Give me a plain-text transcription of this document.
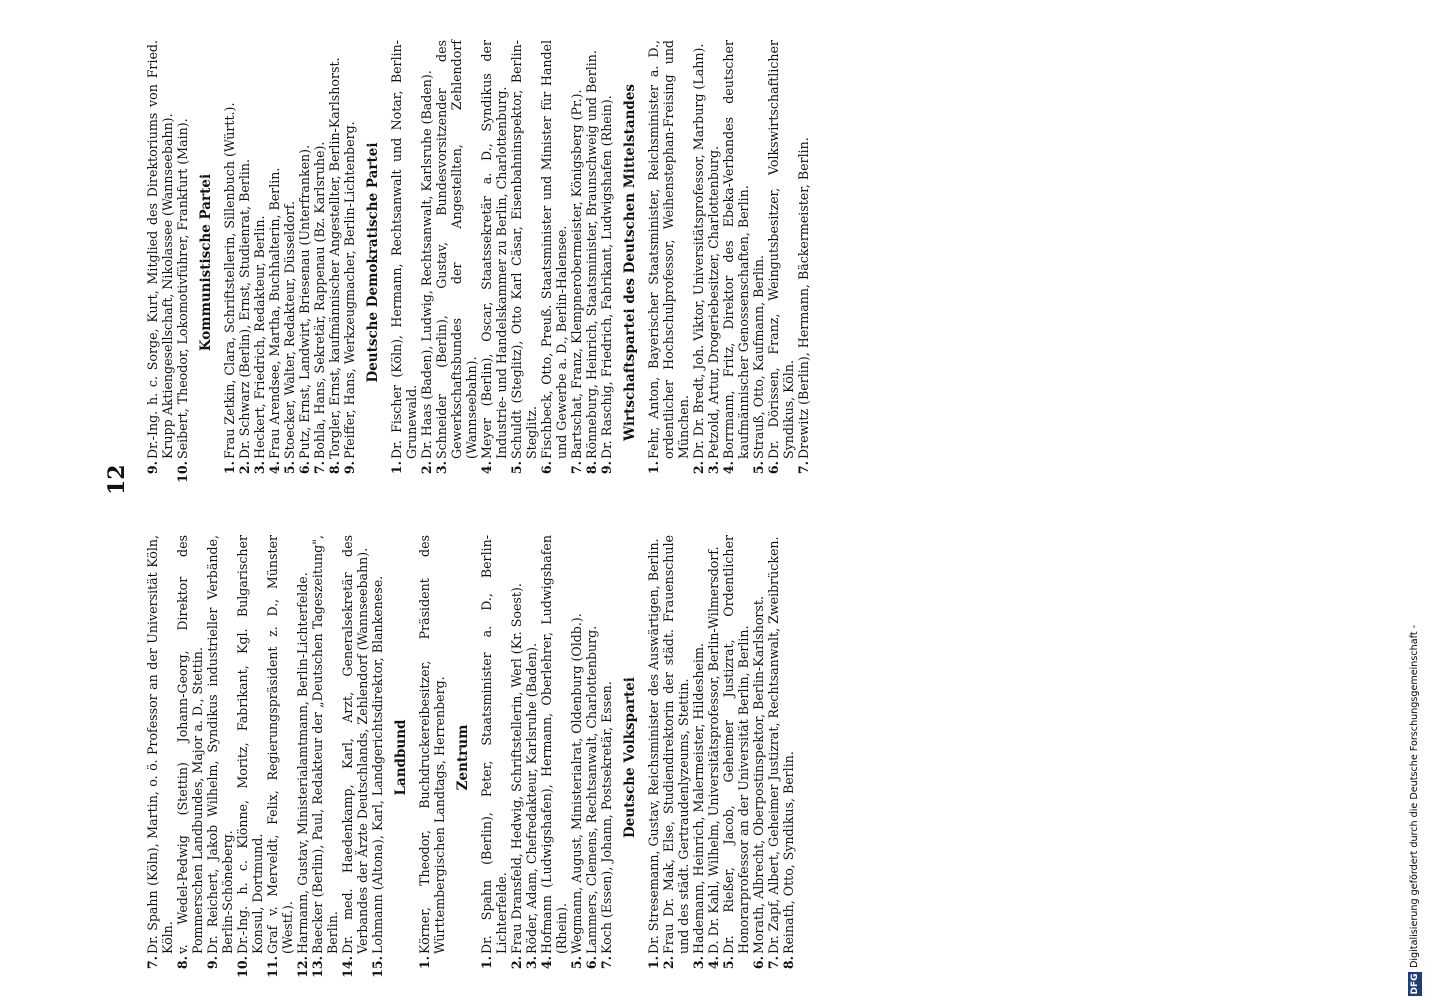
12

7.
Dr. Spahn (Köln), Martin, o. ö. Professor an der Universität Köln, Köln.

8.
v. Wedel-Pedwig (Stettin) Johann-Georg, Direktor des Pommerschen Landbundes, Major a. D., Stettin.

9.
Dr. Reichert, Jakob Wilhelm, Syndikus industrieller Verbände, Berlin-Schöneberg.

10.
Dr.-Ing. h. c. Klönne, Moritz, Fabrikant, Kgl. Bulgarischer Konsul, Dortmund.

11.
Graf v. Merveldt, Felix, Regierungspräsident z. D., Münster (Westf.).

12.
Harmann, Gustav, Ministerialamtmann, Berlin-Lichterfelde.

13.
Baecker (Berlin), Paul, Redakteur der „Deutschen Tageszeitung", Berlin.

14.
Dr. med. Haedenkamp, Karl, Arzt, Generalsekretär des Verbandes der Ärzte Deutschlands, Zehlendorf (Wannseebahn).

15.
Lohmann (Altona), Karl, Landgerichtsdirektor, Blankenese. Landbund

1.
Körner, Theodor, Buchdruckereibesitzer, Präsident des Württembergischen Landtags, Herrenberg. Zentrum

1.
Dr. Spahn (Berlin), Peter, Staatsminister a. D., Berlin-Lichterfelde.

2.
Frau Dransfeld, Hedwig, Schriftstellerin, Werl (Kr. Soest).

3.
Röder, Adam, Chefredakteur, Karlsruhe (Baden).

4.
Hofmann (Ludwigshafen), Hermann, Oberlehrer, Ludwigshafen (Rhein).

5.
Wegmann, August, Ministerialrat, Oldenburg (Oldb.).

6.
Lammers, Clemens, Rechtsanwalt, Charlottenburg.

7.
Koch (Essen), Johann, Postsekretär, Essen. Deutsche Volkspartei

1.
Dr. Stresemann, Gustav, Reichsminister des Auswärtigen, Berlin.

2.
Frau Dr. Mak, Else, Studiendirektorin der städt. Frauenschule und des städt. Gertraudenlyzeums, Stettin.

3.
Hademann, Heinrich, Malermeister, Hildesheim.

4.
D. Dr. Kahl, Wilhelm, Universitätsprofessor, Berlin-Wilmersdorf.

5.
Dr. Rießer, Jacob, Geheimer Justizrat, Ordentlicher Honorarprofessor an der Universität Berlin, Berlin.

6.
Morath, Albrecht, Oberpostinspektor, Berlin-Karlshorst.

7.
Dr. Zapf, Albert, Geheimer Justizrat, Rechtsanwalt, Zweibrücken.

8.
Reinath, Otto, Syndikus, Berlin.

9.
Dr.-Ing. h. c. Sorge, Kurt, Mitglied des Direktoriums von Fried. Krupp Aktiengesellschaft, Nikolassee (Wannseebahn).

10.
Seibert, Theodor, Lokomotivführer, Frankfurt (Main). Kommunistische Partei

1.
Frau Zetkin, Clara, Schriftstellerin, Sillenbuch (Württ.).

2.
Dr. Schwarz (Berlin), Ernst, Studienrat, Berlin.

3.
Heckert, Friedrich, Redakteur, Berlin.

4.
Frau Arendsee, Martha, Buchhalterin, Berlin.

5.
Stoecker, Walter, Redakteur, Düsseldorf.

6.
Putz, Ernst, Landwirt, Briesenau (Unterfranken).

7.
Bohla, Hans, Sekretär, Rappenau (Bz. Karlsruhe).

8.
Torgler, Ernst, kaufmännischer Angestellter, Berlin-Karlshorst.

9.
Pfeiffer, Hans, Werkzeugmacher, Berlin-Lichtenberg. Deutsche Demokratische Partei

1.
Dr. Fischer (Köln), Hermann, Rechtsanwalt und Notar, Berlin-Grunewald.

2.
Dr. Haas (Baden), Ludwig, Rechtsanwalt, Karlsruhe (Baden).

3.
Schneider (Berlin), Gustav, Bundesvorsitzender des Gewerkschaftsbundes der Angestellten, Zehlendorf (Wannseebahn).

4.
Meyer (Berlin), Oscar, Staatssekretär a. D., Syndikus der Industrie- und Handelskammer zu Berlin, Charlottenburg.

5.
Schuldt (Steglitz), Otto Karl Cäsar, Eisenbahninspektor, Berlin-Steglitz.

6.
Fischbeck, Otto, Preuß. Staatsminister und Minister für Handel und Gewerbe a. D., Berlin-Halensee.

7.
Bartschat, Franz, Klempnerobermeister, Königsberg (Pr.).

8.
Rönneburg, Heinrich, Staatsminister, Braunschweig und Berlin.

9.
Dr. Raschig, Friedrich, Fabrikant, Ludwigshafen (Rhein). Wirtschaftspartei des Deutschen Mittelstandes

1.
Fehr, Anton, Bayerischer Staatsminister, Reichsminister a. D., ordentlicher Hochschulprofessor, Weihenstephan-Freising und München.

2.
Dr. Dr. Bredt, Joh. Viktor, Universitätsprofessor, Marburg (Lahn).

3.
Petzold, Artur, Drogeriebesitzer, Charlottenburg.

4.
Borrmann, Fritz, Direktor des Ebeka-Verbandes deutscher kaufmännischer Genossenschaften, Berlin.

5.
Strauß, Otto, Kaufmann, Berlin.

6.
Dr. Dörissen, Franz, Weingutsbesitzer, Volkswirtschaftlicher Syndikus, Köln.

7.
Drewitz (Berlin), Hermann, Bäckermeister, Berlin.

DFG
Digitalisierung gefördert durch die Deutsche Forschungsgemeinschaft -
